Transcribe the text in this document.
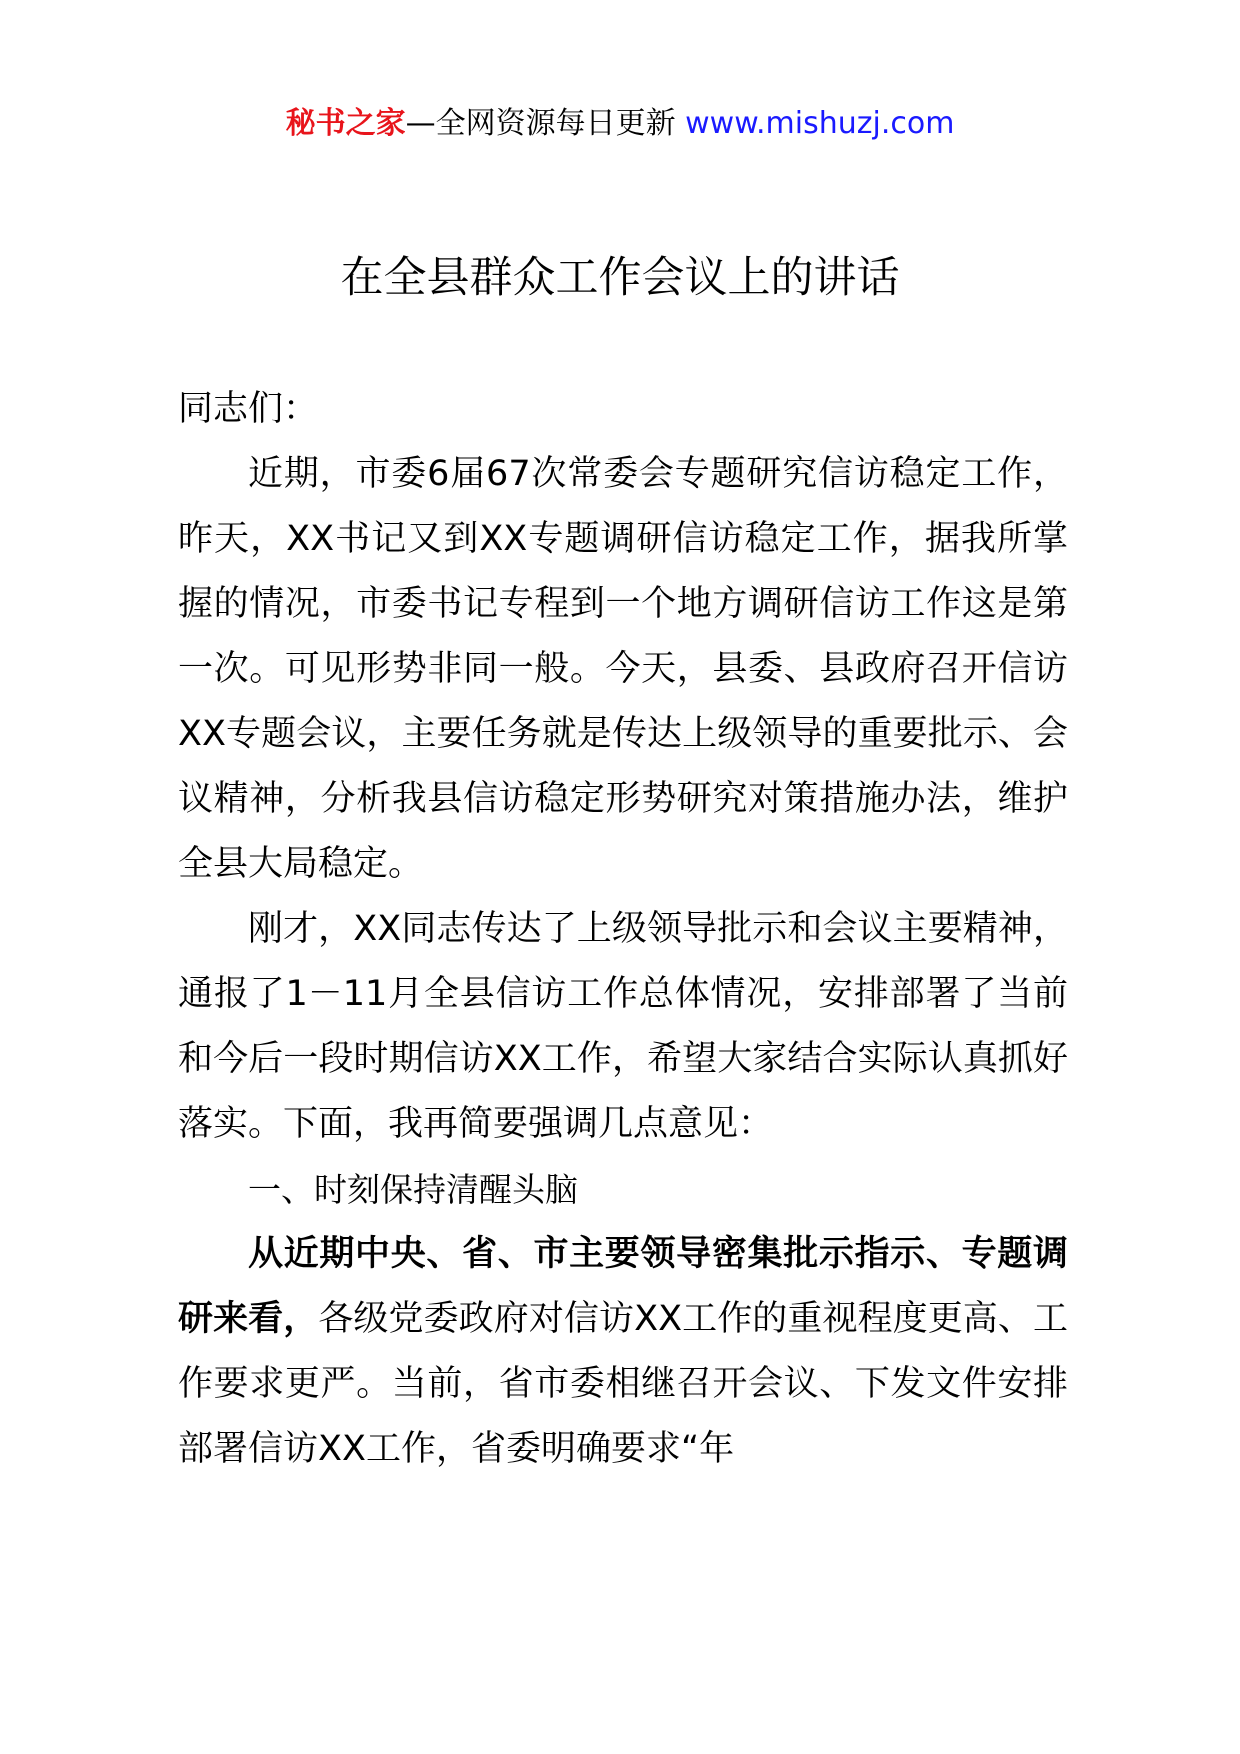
秘书之家—全网资源每日更新 www.mishuzj.com
在全县群众工作会议上的讲话

同志们：

近期，市委6届67次常委会专题研究信访稳定工作，昨天，XX书记又到XX专题调研信访稳定工作，据我所掌握的情况，市委书记专程到一个地方调研信访工作这是第一次。可见形势非同一般。今天，县委、县政府召开信访XX专题会议，主要任务就是传达上级领导的重要批示、会议精神，分析我县信访稳定形势研究对策措施办法，维护全县大局稳定。

刚才，XX同志传达了上级领导批示和会议主要精神，通报了1－11月全县信访工作总体情况，安排部署了当前和今后一段时期信访XX工作，希望大家结合实际认真抓好落实。下面，我再简要强调几点意见：

一、时刻保持清醒头脑

从近期中央、省、市主要领导密集批示指示、专题调研来看，各级党委政府对信访XX工作的重视程度更高、工作要求更严。当前，省市委相继召开会议、下发文件安排部署信访XX工作，省委明确要求“年
